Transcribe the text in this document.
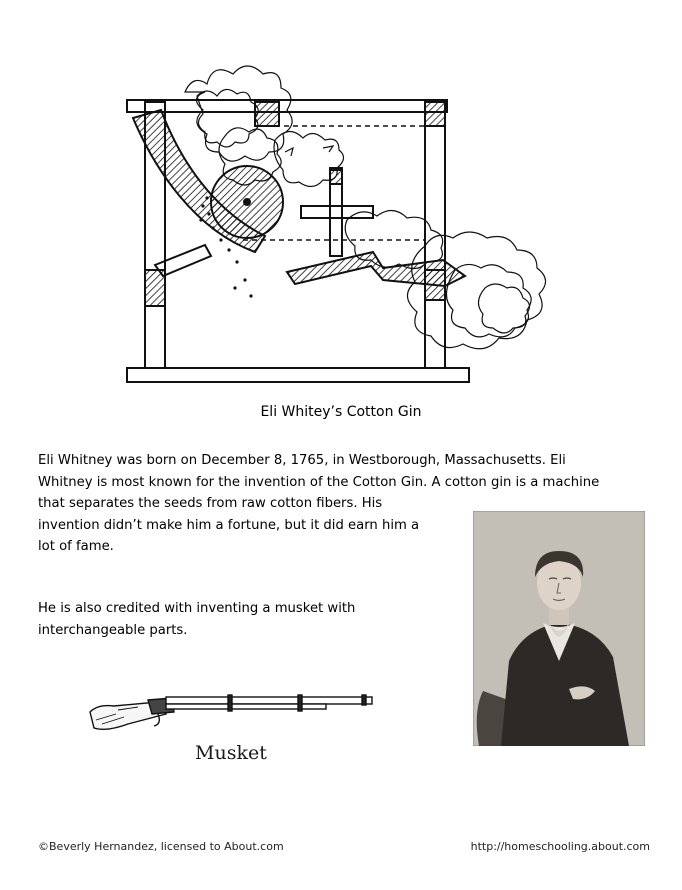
Eli Whitey’s Cotton Gin
Eli Whitney was born on December 8, 1765, in Westborough, Massachusetts. Eli
Whitney is most known for the invention of the Cotton Gin. A cotton gin is a machine
that separates the seeds from raw cotton fibers. His
invention didn’t make him a fortune, but it did earn him a
lot of fame.
He is also credited with inventing a musket with
interchangeable parts.
Musket
©Beverly Hernandez, licensed to About.com	http://homeschooling.about.com
